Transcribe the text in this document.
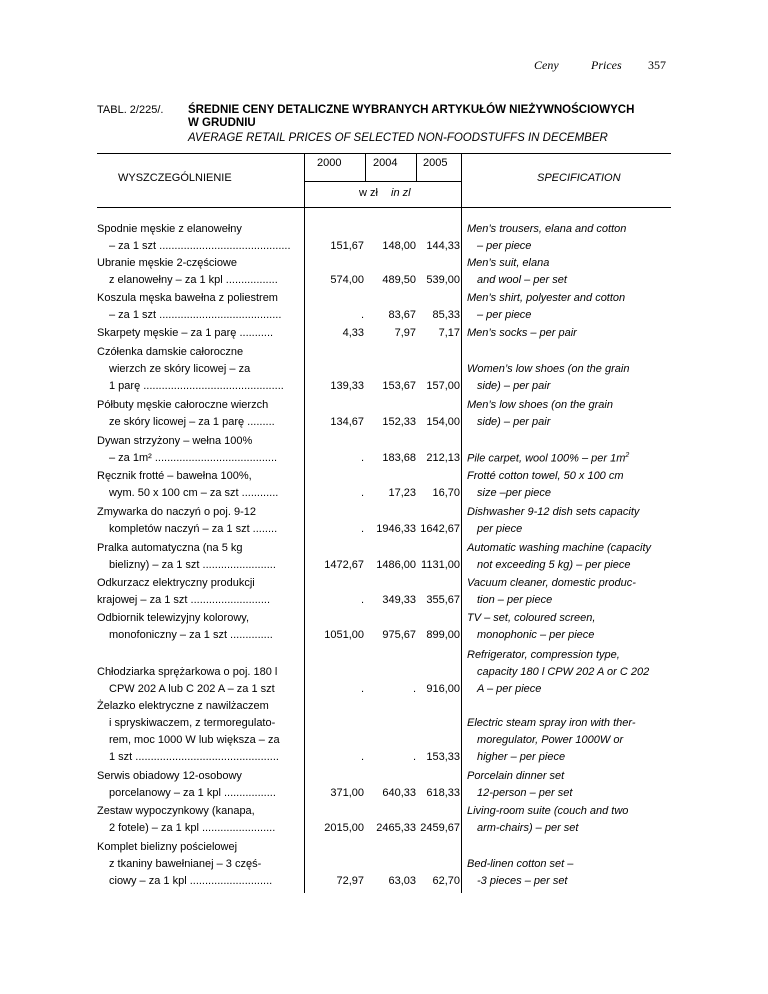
Ceny	Prices 357
TABL. 2/225/. ŚREDNIE CENY DETALICZNE WYBRANYCH ARTYKUŁÓW NIEŻYWNOŚCIOWYCH
W GRUDNIU
AVERAGE RETAIL PRICES OF SELECTED NON-FOODSTUFFS IN DECEMBER
WYSZCZEGÓLNIENIE	SPECIFICATION
2000	2004 2005
w zł in zl
Spodnie męskie z elanowełny
– za 1 szt ...........................................	151,67	148,00 144,33
Men’s trousers, elana and cotton
– per piece
Ubranie męskie 2-częściowe
z elanowełny – za 1 kpl .................	574,00	489,50 539,00
Men’s suit, elana
and wool – per set
Koszula męska bawełna z poliestrem
– za 1 szt ........................................	.	83,67	85,33
Men’s shirt, polyester and cotton
– per piece
Skarpety męskie – za 1 parę ...........	4,33	7,97	7,17 Men’s socks – per pair
Czółenka damskie całoroczne
wierzch ze skóry licowej – za
1 parę ..............................................	139,33	153,67 157,00
Women’s low shoes (on the grain
side) – per pair
Półbuty męskie całoroczne wierzch
ze skóry licowej – za 1 parę .........	134,67	152,33 154,00
Men’s low shoes (on the grain
side) – per pair
Dywan strzyżony – wełna 100%
– za 1m² ........................................	.	183,68 212,13 Pile carpet, wool 100% – per $1m^2$
Ręcznik frotté – bawełna 100%,
wym. 50 x 100 cm – za szt ............	.	17,23	16,70
Frotté cotton towel, 50 x 100 cm
size –per piece
Zmywarka do naczyń o poj. 9-12
kompletów naczyń – za 1 szt ........	.	1946,33 1642,67
Dishwasher 9-12 dish sets capacity
per piece
Pralka automatyczna (na 5 kg
bielizny) – za 1 szt ........................	1472,67	1486,00 1131,00
Automatic washing machine (capacity
not exceeding 5 kg) – per piece
Odkurzacz elektryczny produkcji
krajowej – za 1 szt ..........................	.	349,33 355,67
Vacuum cleaner, domestic produc-
tion – per piece
Odbiornik telewizyjny kolorowy,
monofoniczny – za 1 szt ..............	1051,00	975,67 899,00
TV – set, coloured screen,
monophonic – per piece
Chłodziarka sprężarkowa o poj. 180 l
CPW 202 A lub C 202 A – za 1 szt	.	. 916,00
Refrigerator, compression type,
capacity 180 l CPW 202 A or C 202
A – per piece
Żelazko elektryczne z nawilżaczem
i spryskiwaczem, z termoregulato-
rem, moc 1000 W lub większa – za
1 szt ...............................................	.	. 153,33
Electric steam spray iron with ther-
moregulator, Power 1000W or
higher – per piece
Serwis obiadowy 12-osobowy
porcelanowy – za 1 kpl .................	371,00	640,33 618,33
Porcelain dinner set
12-person – per set
Zestaw wypoczynkowy (kanapa,
2 fotele) – za 1 kpl ........................	2015,00	2465,33 2459,67
Living-room suite (couch and two
arm-chairs) – per set
Komplet bielizny pościelowej
z tkaniny bawełnianej – 3 częś-
ciowy – za 1 kpl ...........................	72,97	63,03	62,70
Bed-linen cotton set –
-3 pieces – per set
